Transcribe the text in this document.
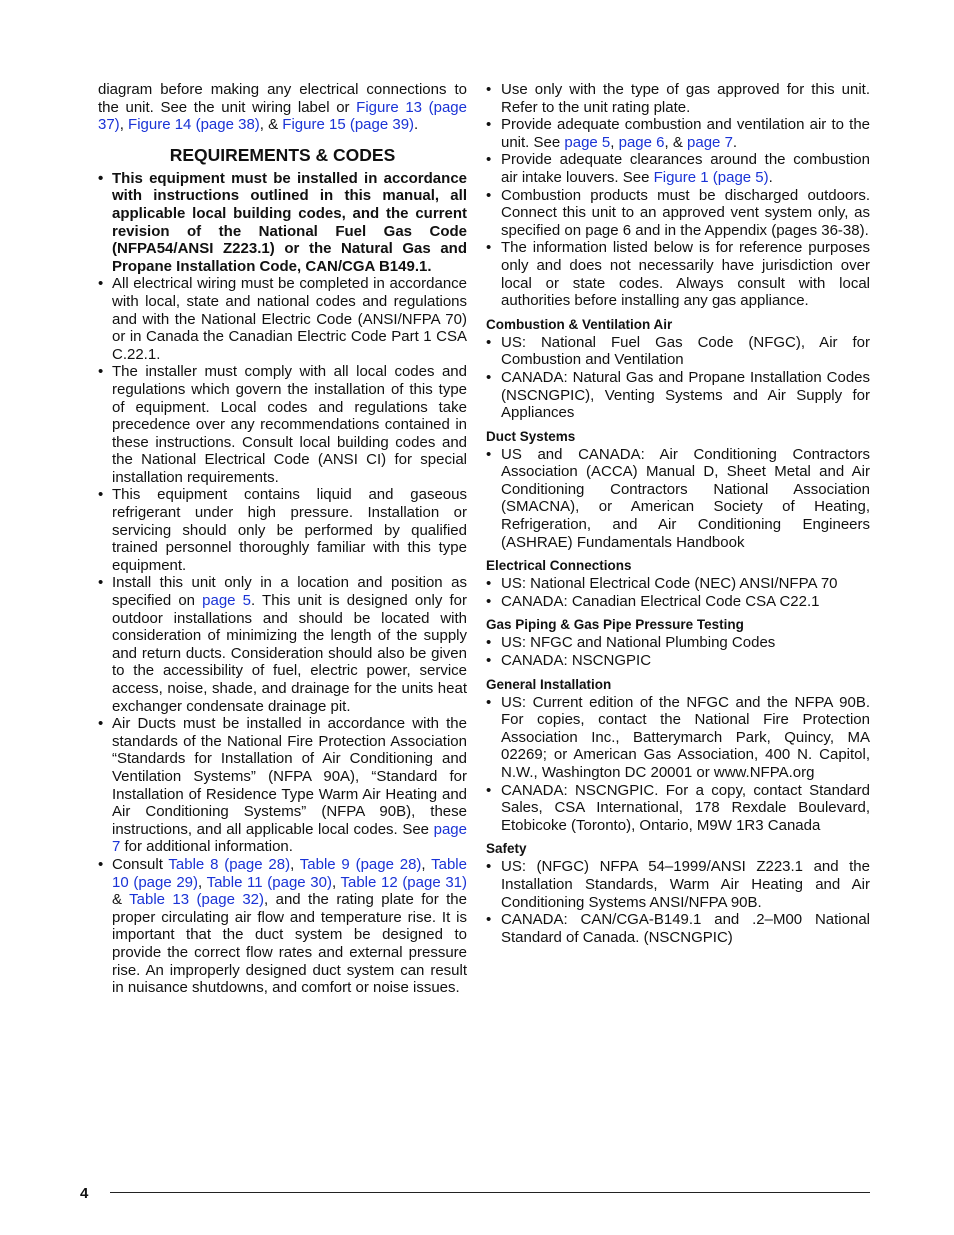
diagram before making any electrical connections to the unit. See the unit wiring label or Figure 13 (page 37), Figure 14 (page 38), & Figure 15 (page 39).

REQUIREMENTS & CODES
• This equipment must be installed in accordance with instructions outlined in this manual, all applicable local building codes, and the current revision of the National Fuel Gas Code (NFPA54/ANSI Z223.1) or the Natural Gas and Propane Installation Code, CAN/CGA B149.1.
• All electrical wiring must be completed in accordance with local, state and national codes and regulations and with the National Electric Code (ANSI/NFPA 70) or in Canada the Canadian Electric Code Part 1 CSA C.22.1.
• The installer must comply with all local codes and regulations which govern the installation of this type of equipment. Local codes and regulations take precedence over any recommendations contained in these instructions. Consult local building codes and the National Electrical Code (ANSI CI) for special installation requirements.
• This equipment contains liquid and gaseous refrigerant under high pressure. Installation or servicing should only be performed by qualified trained personnel thoroughly familiar with this type equipment.
• Install this unit only in a location and position as specified on page 5. This unit is designed only for outdoor installations and should be located with consideration of minimizing the length of the supply and return ducts. Consideration should also be given to the accessibility of fuel, electric power, service access, noise, shade, and drainage for the units heat exchanger condensate drainage pit.
• Air Ducts must be installed in accordance with the standards of the National Fire Protection Association “Standards for Installation of Air Conditioning and Ventilation Systems” (NFPA 90A), “Standard for Installation of Residence Type Warm Air Heating and Air Conditioning Systems” (NFPA 90B), these instructions, and all applicable local codes. See page 7 for additional information.
• Consult Table 8 (page 28), Table 9 (page 28), Table 10 (page 29), Table 11 (page 30), Table 12 (page 31) & Table 13 (page 32), and the rating plate for the proper circulating air flow and temperature rise. It is important that the duct system be designed to provide the correct flow rates and external pressure rise. An improperly designed duct system can result in nuisance shutdowns, and comfort or noise issues.
• Use only with the type of gas approved for this unit. Refer to the unit rating plate.
• Provide adequate combustion and ventilation air to the unit. See page 5, page 6, & page 7.
• Provide adequate clearances around the combustion air intake louvers. See Figure 1 (page 5).
• Combustion products must be discharged outdoors. Connect this unit to an approved vent system only, as specified on page 6 and in the Appendix (pages 36-38).
• The information listed below is for reference purposes only and does not necessarily have jurisdiction over local or state codes. Always consult with local authorities before installing any gas appliance.
Combustion & Ventilation Air
• US: National Fuel Gas Code (NFGC), Air for Combustion and Ventilation
• CANADA: Natural Gas and Propane Installation Codes (NSCNGPIC), Venting Systems and Air Supply for Appliances
Duct Systems
• US and CANADA: Air Conditioning Contractors Association (ACCA) Manual D, Sheet Metal and Air Conditioning Contractors National Association (SMACNA), or American Society of Heating, Refrigeration, and Air Conditioning Engineers (ASHRAE) Fundamentals Handbook
Electrical Connections
• US: National Electrical Code (NEC) ANSI/NFPA 70
• CANADA: Canadian Electrical Code CSA C22.1
Gas Piping & Gas Pipe Pressure Testing
• US: NFGC and National Plumbing Codes
• CANADA: NSCNGPIC
General Installation
• US: Current edition of the NFGC and the NFPA 90B. For copies, contact the National Fire Protection Association Inc., Batterymarch Park, Quincy, MA 02269; or American Gas Association, 400 N. Capitol, N.W., Washington DC 20001 or www.NFPA.org
• CANADA: NSCNGPIC. For a copy, contact Standard Sales, CSA International, 178 Rexdale Boulevard, Etobicoke (Toronto), Ontario, M9W 1R3 Canada
Safety
• US: (NFGC) NFPA 54–1999/ANSI Z223.1 and the Installation Standards, Warm Air Heating and Air Conditioning Systems ANSI/NFPA 90B.
• CANADA: CAN/CGA-B149.1 and .2–M00 National Standard of Canada. (NSCNGPIC)
4
